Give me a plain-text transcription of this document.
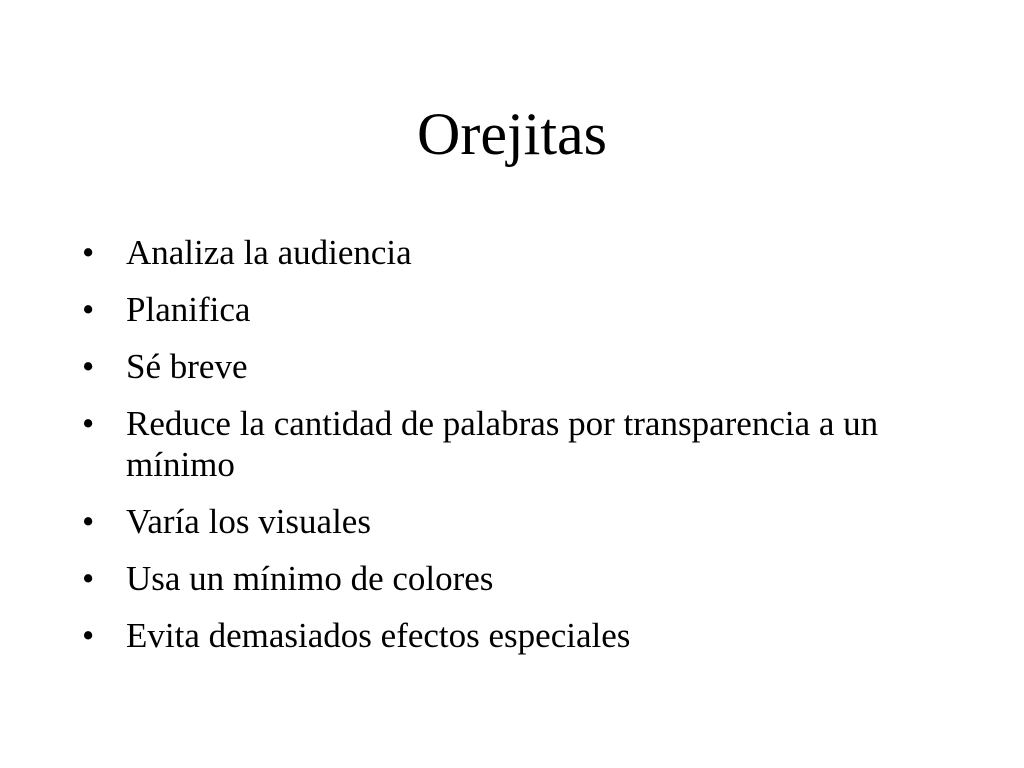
Orejitas
• Analiza la audiencia
• Planifica
• Sé breve
• Reduce la cantidad de palabras por transparencia a un mínimo
• Varía los visuales
• Usa un mínimo de colores
• Evita demasiados efectos especiales
